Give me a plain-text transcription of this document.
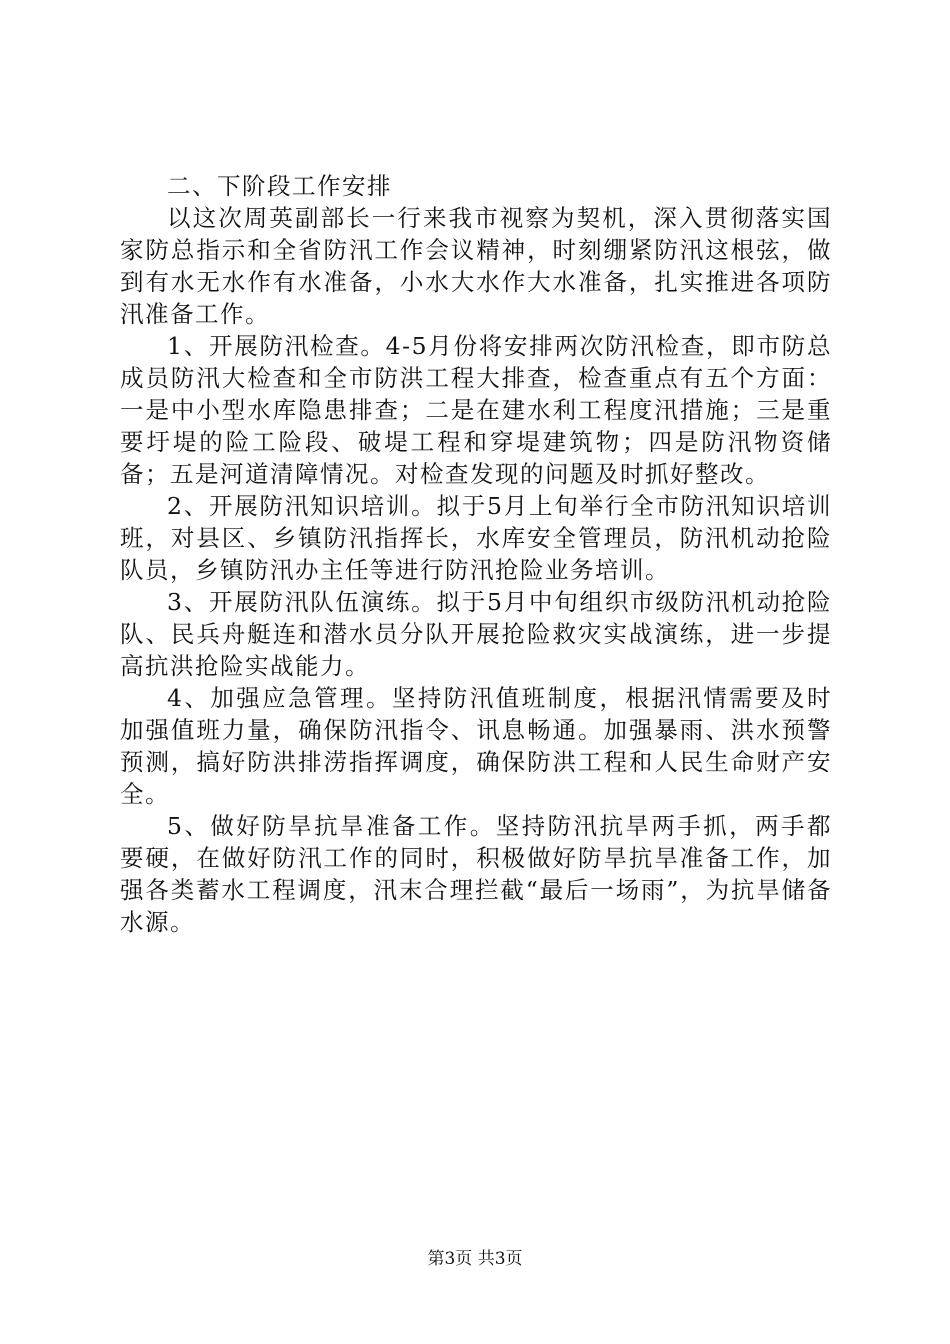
二、下阶段工作安排

以这次周英副部长一行来我市视察为契机，深入贯彻落实国家防总指示和全省防汛工作会议精神，时刻绷紧防汛这根弦，做到有水无水作有水准备，小水大水作大水准备，扎实推进各项防汛准备工作。

1、开展防汛检查。4-5月份将安排两次防汛检查，即市防总成员防汛大检查和全市防洪工程大排查，检查重点有五个方面：一是中小型水库隐患排查；二是在建水利工程度汛措施；三是重要圩堤的险工险段、破堤工程和穿堤建筑物；四是防汛物资储备；五是河道清障情况。对检查发现的问题及时抓好整改。

2、开展防汛知识培训。拟于5月上旬举行全市防汛知识培训班，对县区、乡镇防汛指挥长，水库安全管理员，防汛机动抢险队员，乡镇防汛办主任等进行防汛抢险业务培训。

3、开展防汛队伍演练。拟于5月中旬组织市级防汛机动抢险队、民兵舟艇连和潜水员分队开展抢险救灾实战演练，进一步提高抗洪抢险实战能力。

4、加强应急管理。坚持防汛值班制度，根据汛情需要及时加强值班力量，确保防汛指令、讯息畅通。加强暴雨、洪水预警预测，搞好防洪排涝指挥调度，确保防洪工程和人民生命财产安全。

5、做好防旱抗旱准备工作。坚持防汛抗旱两手抓，两手都要硬，在做好防汛工作的同时，积极做好防旱抗旱准备工作，加强各类蓄水工程调度，汛末合理拦截“最后一场雨”，为抗旱储备水源。

第3页 共3页
